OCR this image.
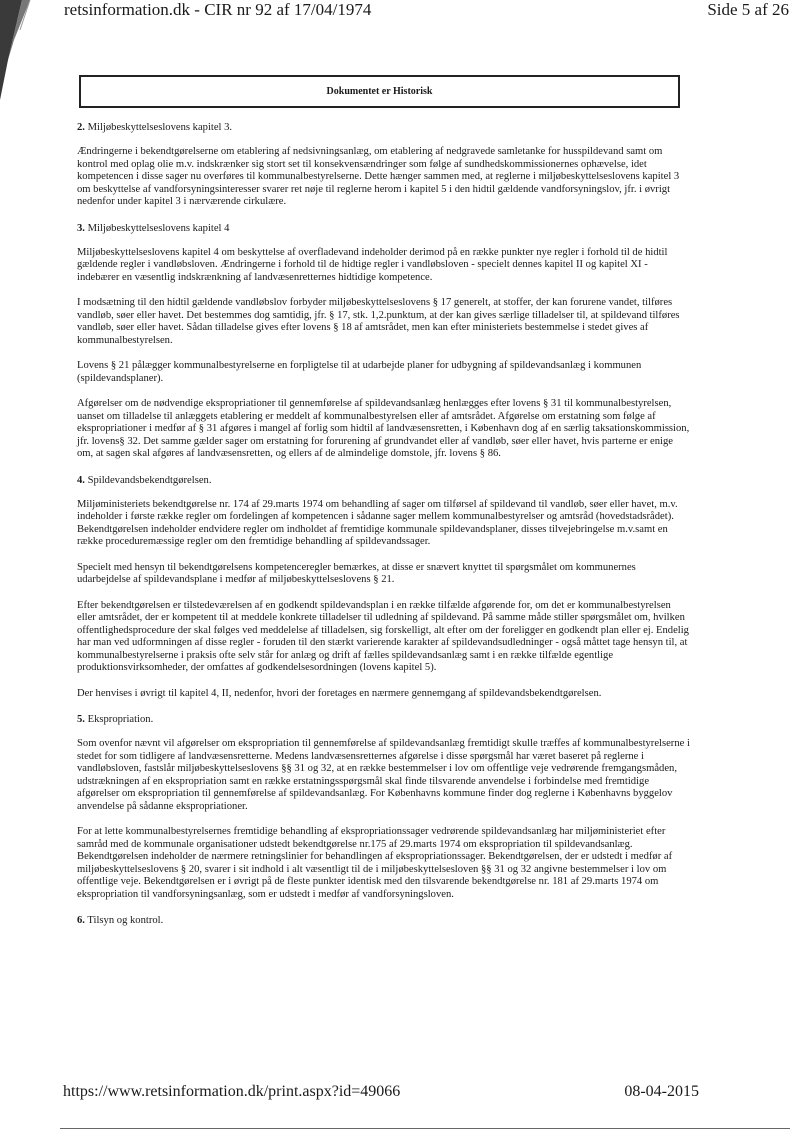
retsinformation.dk - CIR nr 92 af 17/04/1974	Side 5 af 26
Dokumentet er Historisk
2. Miljøbeskyttelseslovens kapitel 3.

Ændringerne i bekendtgørelserne om etablering af nedsivningsanlæg, om etablering af nedgravede samletanke for husspildevand samt om kontrol med oplag olie m.v. indskrænker sig stort set til konsekvensændringer som følge af sundhedskommissionernes ophævelse, idet kompetencen i disse sager nu overføres til kommunalbestyrelserne. Dette hænger sammen med, at reglerne i miljøbeskyttelseslovens kapitel 3 om beskyttelse af vandforsyningsinteresser svarer ret nøje til reglerne herom i kapitel 5 i den hidtil gældende vandforsyningslov, jfr. i øvrigt nedenfor under kapitel 3 i nærværende cirkulære.

3. Miljøbeskyttelseslovens kapitel 4

Miljøbeskyttelseslovens kapitel 4 om beskyttelse af overfladevand indeholder derimod på en række punkter nye regler i forhold til de hidtil gældende regler i vandløbsloven. Ændringerne i forhold til de hidtige regler i vandløbsloven - specielt dennes kapitel II og kapitel XI - indebærer en væsentlig indskrænkning af landvæsenretternes hidtidige kompetence.

I modsætning til den hidtil gældende vandløbslov forbyder miljøbeskyttelseslovens § 17 generelt, at stoffer, der kan forurene vandet, tilføres vandløb, søer eller havet. Det bestemmes dog samtidig, jfr. § 17, stk. 1,2.punktum, at der kan gives særlige tilladelser til, at spildevand tilføres vandløb, søer eller havet. Sådan tilladelse gives efter lovens § 18 af amtsrådet, men kan efter ministeriets bestemmelse i stedet gives af kommunalbestyrelsen.

Lovens § 21 pålægger kommunalbestyrelserne en forpligtelse til at udarbejde planer for udbygning af spildevandsanlæg i kommunen (spildevandsplaner).

Afgørelser om de nødvendige ekspropriationer til gennemførelse af spildevandsanlæg henlægges efter lovens § 31 til kommunalbestyrelsen, uanset om tilladelse til anlæggets etablering er meddelt af kommunalbestyrelsen eller af amtsrådet. Afgørelse om erstatning som følge af ekspropriationer i medfør af § 31 afgøres i mangel af forlig som hidtil af landvæsensretten, i København dog af en særlig taksationskommission, jfr. lovens§ 32. Det samme gælder sager om erstatning for forurening af grundvandet eller af vandløb, søer eller havet, hvis parterne er enige om, at sagen skal afgøres af landvæsensretten, og ellers af de almindelige domstole, jfr. lovens § 86.

4. Spildevandsbekendtgørelsen.

Miljøministeriets bekendtgørelse nr. 174 af 29.marts 1974 om behandling af sager om tilførsel af spildevand til vandløb, søer eller havet, m.v. indeholder i første række regler om fordelingen af kompetencen i sådanne sager mellem kommunalbestyrelser og amtsråd (hovedstadsrådet). Bekendtgørelsen indeholder endvidere regler om indholdet af fremtidige kommunale spildevandsplaner, disses tilvejebringelse m.v.samt en række proceduremæssige regler om den fremtidige behandling af spildevandssager.

Specielt med hensyn til bekendtgørelsens kompetenceregler bemærkes, at disse er snævert knyttet til spørgsmålet om kommunernes udarbejdelse af spildevandsplane i medfør af miljøbeskyttelseslovens § 21.

Efter bekendtgørelsen er tilstedeværelsen af en godkendt spildevandsplan i en række tilfælde afgørende for, om det er kommunalbestyrelsen eller amtsrådet, der er kompetent til at meddele konkrete tilladelser til udledning af spildevand. På samme måde stiller spørgsmålet om, hvilken offentlighedsprocedure der skal følges ved meddelelse af tilladelsen, sig forskelligt, alt efter om der foreligger en godkendt plan eller ej. Endelig har man ved udformningen af disse regler - foruden til den stærkt varierende karakter af spildevandsudledninger - også måttet tage hensyn til, at kommunalbestyrelserne i praksis ofte selv står for anlæg og drift af fælles spildevandsanlæg samt i en række tilfælde egentlige produktionsvirksomheder, der omfattes af godkendelsesordningen (lovens kapitel 5).

Der henvises i øvrigt til kapitel 4, II, nedenfor, hvori der foretages en nærmere gennemgang af spildevandsbekendtgørelsen.

5. Ekspropriation.

Som ovenfor nævnt vil afgørelser om ekspropriation til gennemførelse af spildevandsanlæg fremtidigt skulle træffes af kommunalbestyrelserne i stedet for som tidligere af landvæsensretterne. Medens landvæsensretternes afgørelse i disse spørgsmål har været baseret på reglerne i vandløbsloven, fastslår miljøbeskyttelseslovens §§ 31 og 32, at en række bestemmelser i lov om offentlige veje vedrørende fremgangsmåden, udstrækningen af en ekspropriation samt en række erstatningsspørgsmål skal finde tilsvarende anvendelse i forbindelse med fremtidige afgørelser om ekspropriation til gennemførelse af spildevandsanlæg. For Københavns kommune finder dog reglerne i Københavns byggelov anvendelse på sådanne ekspropriationer.

For at lette kommunalbestyrelsernes fremtidige behandling af ekspropriationssager vedrørende spildevandsanlæg har miljøministeriet efter samråd med de kommunale organisationer udstedt bekendtgørelse nr.175 af 29.marts 1974 om ekspropriation til spildevandsanlæg. Bekendtgørelsen indeholder de nærmere retningslinier for behandlingen af ekspropriationssager. Bekendtgørelsen, der er udstedt i medfør af miljøbeskyttelseslovens § 20, svarer i sit indhold i alt væsentligt til de i miljøbeskyttelsesloven §§ 31 og 32 angivne bestemmelser i lov om offentlige veje. Bekendtgørelsen er i øvrigt på de fleste punkter identisk med den tilsvarende bekendtgørelse nr. 181 af 29.marts 1974 om ekspropriation til vandforsyningsanlæg, som er udstedt i medfør af vandforsyningsloven.

6. Tilsyn og kontrol.
https://www.retsinformation.dk/print.aspx?id=49066	08-04-2015
